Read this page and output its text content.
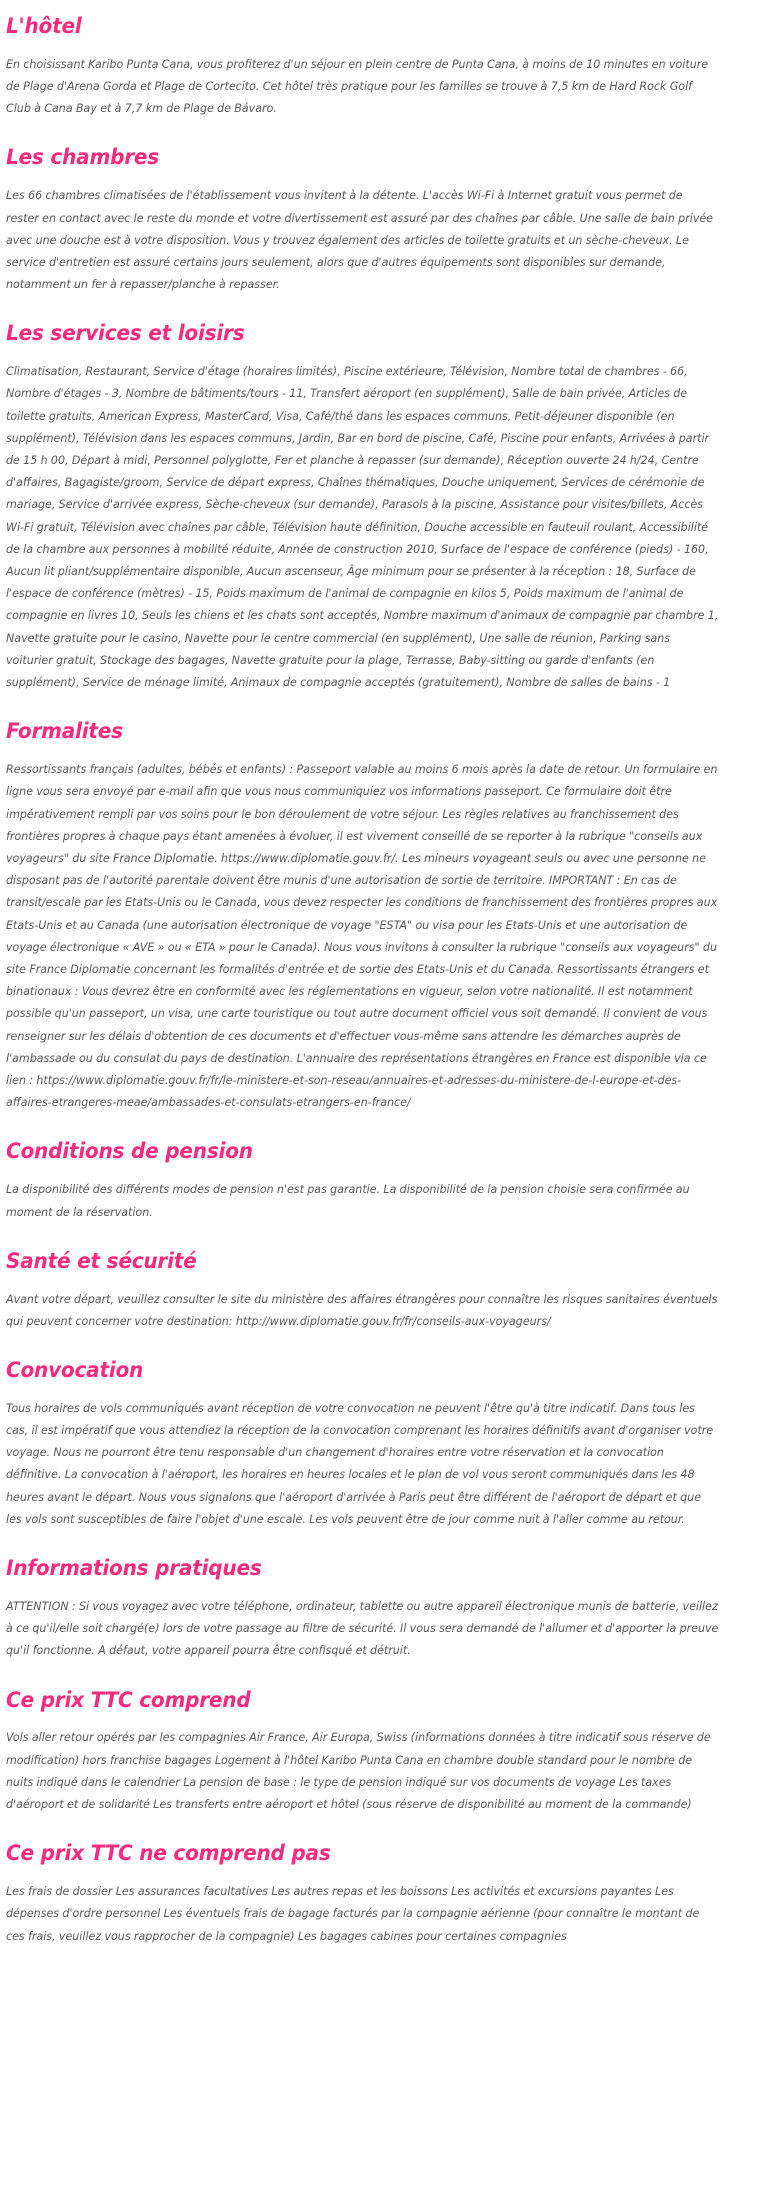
L'hôtel

En choisissant Karibo Punta Cana, vous profiterez d'un séjour en plein centre de Punta Cana, à moins de 10 minutes en voiture de Plage d'Arena Gorda et Plage de Cortecito. Cet hôtel très pratique pour les familles se trouve à 7,5 km de Hard Rock Golf Club à Cana Bay et à 7,7 km de Plage de Bávaro.

Les chambres

Les 66 chambres climatisées de l'établissement vous invitent à la détente. L'accès Wi-Fi à Internet gratuit vous permet de rester en contact avec le reste du monde et votre divertissement est assuré par des chaînes par câble. Une salle de bain privée avec une douche est à votre disposition. Vous y trouvez également des articles de toilette gratuits et un sèche-cheveux. Le service d'entretien est assuré certains jours seulement, alors que d'autres équipements sont disponibles sur demande, notamment un fer à repasser/planche à repasser.

Les services et loisirs

Climatisation, Restaurant, Service d'étage (horaires limités), Piscine extérieure, Télévision, Nombre total de chambres - 66, Nombre d'étages - 3, Nombre de bâtiments/tours - 11, Transfert aéroport (en supplément), Salle de bain privée, Articles de toilette gratuits, American Express, MasterCard, Visa, Café/thé dans les espaces communs, Petit-déjeuner disponible (en supplément), Télévision dans les espaces communs, Jardin, Bar en bord de piscine, Café, Piscine pour enfants, Arrivées à partir de 15 h 00, Départ à midi, Personnel polyglotte, Fer et planche à repasser (sur demande), Réception ouverte 24 h/24, Centre d'affaires, Bagagiste/groom, Service de départ express, Chaînes thématiques, Douche uniquement, Services de cérémonie de mariage, Service d'arrivée express, Sèche-cheveux (sur demande), Parasols à la piscine, Assistance pour visites/billets, Accès Wi-Fi gratuit, Télévision avec chaînes par câble, Télévision haute définition, Douche accessible en fauteuil roulant, Accessibilité de la chambre aux personnes à mobilité réduite, Année de construction 2010, Surface de l'espace de conférence (pieds) - 160, Aucun lit pliant/supplémentaire disponible, Aucun ascenseur, Âge minimum pour se présenter à la réception : 18, Surface de l'espace de conférence (mètres) - 15, Poids maximum de l'animal de compagnie en kilos 5, Poids maximum de l'animal de compagnie en livres 10, Seuls les chiens et les chats sont acceptés, Nombre maximum d'animaux de compagnie par chambre 1, Navette gratuite pour le casino, Navette pour le centre commercial (en supplément), Une salle de réunion, Parking sans voiturier gratuit, Stockage des bagages, Navette gratuite pour la plage, Terrasse, Baby-sitting ou garde d'enfants (en supplément), Service de ménage limité, Animaux de compagnie acceptés (gratuitement), Nombre de salles de bains - 1

Formalites

Ressortissants français (adultes, bébés et enfants) : Passeport valable au moins 6 mois après la date de retour. Un formulaire en ligne vous sera envoyé par e-mail afin que vous nous communiquiez vos informations passeport. Ce formulaire doit être impérativement rempli par vos soins pour le bon déroulement de votre séjour. Les règles relatives au franchissement des frontières propres à chaque pays étant amenées à évoluer, il est vivement conseillé de se reporter à la rubrique "conseils aux voyageurs" du site France Diplomatie. https://www.diplomatie.gouv.fr/. Les mineurs voyageant seuls ou avec une personne ne disposant pas de l'autorité parentale doivent être munis d'une autorisation de sortie de territoire. IMPORTANT : En cas de transit/escale par les Etats-Unis ou le Canada, vous devez respecter les conditions de franchissement des frontières propres aux Etats-Unis et au Canada (une autorisation électronique de voyage "ESTA" ou visa pour les Etats-Unis et une autorisation de voyage électronique « AVE » ou « ETA » pour le Canada). Nous vous invitons à consulter la rubrique "conseils aux voyageurs" du site France Diplomatie concernant les formalités d'entrée et de sortie des Etats-Unis et du Canada. Ressortissants étrangers et binationaux : Vous devrez être en conformité avec les réglementations en vigueur, selon votre nationalité. Il est notamment possible qu'un passeport, un visa, une carte touristique ou tout autre document officiel vous soit demandé. Il convient de vous renseigner sur les délais d'obtention de ces documents et d'effectuer vous-même sans attendre les démarches auprès de l'ambassade ou du consulat du pays de destination. L'annuaire des représentations étrangères en France est disponible via ce lien : https://www.diplomatie.gouv.fr/fr/le-ministere-et-son-reseau/annuaires-et-adresses-du-ministere-de-l-europe-et-des-affaires-etrangeres-meae/ambassades-et-consulats-etrangers-en-france/

Conditions de pension

La disponibilité des différents modes de pension n'est pas garantie. La disponibilité de la pension choisie sera confirmée au moment de la réservation.

Santé et sécurité

Avant votre départ, veuillez consulter le site du ministère des affaires étrangères pour connaître les risques sanitaires éventuels qui peuvent concerner votre destination: http://www.diplomatie.gouv.fr/fr/conseils-aux-voyageurs/

Convocation

Tous horaires de vols communiqués avant réception de votre convocation ne peuvent l'être qu'à titre indicatif. Dans tous les cas, il est impératif que vous attendiez la réception de la convocation comprenant les horaires définitifs avant d'organiser votre voyage. Nous ne pourront être tenu responsable d'un changement d'horaires entre votre réservation et la convocation définitive. La convocation à l'aéroport, les horaires en heures locales et le plan de vol vous seront communiqués dans les 48 heures avant le départ. Nous vous signalons que l'aéroport d'arrivée à Paris peut être différent de l'aéroport de départ et que les vols sont susceptibles de faire l'objet d'une escale. Les vols peuvent être de jour comme nuit à l'aller comme au retour.

Informations pratiques

ATTENTION : Si vous voyagez avec votre téléphone, ordinateur, tablette ou autre appareil électronique munis de batterie, veillez à ce qu'il/elle soit chargé(e) lors de votre passage au filtre de sécurité. Il vous sera demandé de l'allumer et d'apporter la preuve qu'il fonctionne. A défaut, votre appareil pourra être confisqué et détruit.

Ce prix TTC comprend

Vols aller retour opérés par les compagnies Air France, Air Europa, Swiss (informations données à titre indicatif sous réserve de modification) hors franchise bagages Logement à l'hôtel Karibo Punta Cana en chambre double standard pour le nombre de nuits indiqué dans le calendrier La pension de base : le type de pension indiqué sur vos documents de voyage Les taxes d'aéroport et de solidarité Les transferts entre aéroport et hôtel (sous réserve de disponibilité au moment de la commande)

Ce prix TTC ne comprend pas

Les frais de dossier Les assurances facultatives Les autres repas et les boissons Les activités et excursions payantes Les dépenses d'ordre personnel Les éventuels frais de bagage facturés par la compagnie aérienne (pour connaître le montant de ces frais, veuillez vous rapprocher de la compagnie) Les bagages cabines pour certaines compagnies
